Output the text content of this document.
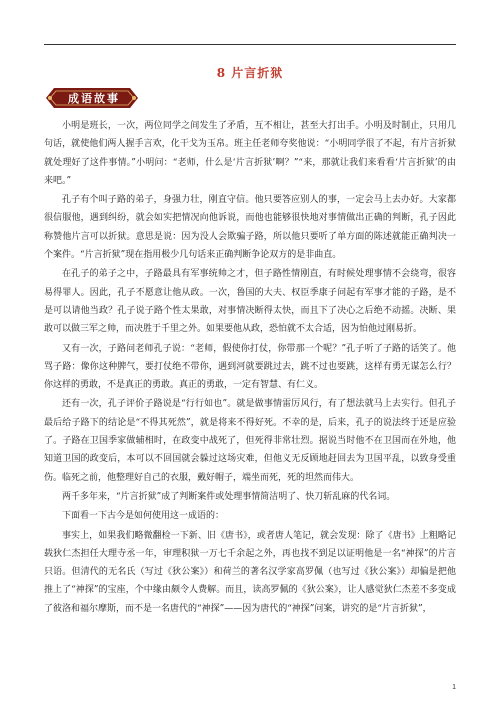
8 片言折狱
成语故事

小明是班长，一次，两位同学之间发生了矛盾，互不相让，甚至大打出手。小明及时制止，只用几句话，就使他们两人握手言欢，化干戈为玉帛。班主任老师夸奖他说：“小明同学很了不起，有片言折狱就处理好了这件事情。”小明问：“老师，什么是‘片言折狱’啊？”“来，那就让我们来看看‘片言折狱’的由来吧。”

孔子有个叫子路的弟子，身强力壮，刚直守信。他只要答应别人的事，一定会马上去办好。大家都很信服他，遇到纠纷，就会如实把情况向他诉说，而他也能够很快地对事情做出正确的判断，孔子因此称赞他片言可以折狱。意思是说：因为没人会欺骗子路，所以他只要听了单方面的陈述就能正确判决一个案件。“片言折狱”现在指用极少几句话来正确判断争论双方的是非曲直。

在孔子的弟子之中，子路最具有军事统帅之才，但子路性情刚直，有时候处理事情不会绕弯，很容易得罪人。因此，孔子不愿意让他从政。一次，鲁国的大夫、权臣季康子问起有军事才能的子路，是不是可以请他当政？孔子说子路个性太果敢，对事情决断得太快，而且下了决心之后绝不动摇。决断、果敢可以做三军之帅，而决胜于千里之外。如果要他从政，恐怕就不太合适，因为怕他过刚易折。

又有一次，子路问老师孔子说：“老师，假使你打仗，你带那一个呢？”孔子听了子路的话笑了。他骂子路：像你这种脾气，要打仗绝不带你，遇到河就要跳过去，跳不过也要跳，这样有勇无谋怎么行？你这样的勇敢，不是真正的勇敢。真正的勇敢，一定有智慧、有仁义。

还有一次，孔子评价子路说是“行行如也”。就是做事情雷厉风行，有了想法就马上去实行。但孔子最后给子路下的结论是“不得其死然”，就是将来不得好死。不幸的是，后来，孔子的说法终于还是应验了。子路在卫国季家做辅相时，在政变中战死了，但死得非常壮烈。据说当时他不在卫国而在外地，他知道卫国的政变后，本可以不回国就会躲过这场灾难，但他义无反顾地赶回去为卫国平乱，以致身受重伤。临死之前，他整理好自己的衣服，戴好帽子，端坐而死，死的坦然而伟大。

两千多年来，“片言折狱”成了判断案件或处理事情简洁明了、快刀斩乱麻的代名词。

下面看一下古今是如何使用这一成语的：

事实上，如果我们略微翻检一下新、旧《唐书》，或者唐人笔记，就会发现：除了《唐书》上粗略记载狄仁杰担任大理寺丞一年，审理积狱一万七千余起之外，再也找不到足以证明他是一名“神探”的片言只语。但清代的无名氏（写过《狄公案》）和荷兰的著名汉学家高罗佩（也写过《狄公案》）却偏是把他推上了“神探”的宝座，个中缘由颇令人费解。而且，读高罗佩的《狄公案》，让人感觉狄仁杰差不多变成了彼洛和福尔摩斯，而不是一名唐代的“神探”——因为唐代的“神探”问案，讲究的是“片言折狱”，

1
